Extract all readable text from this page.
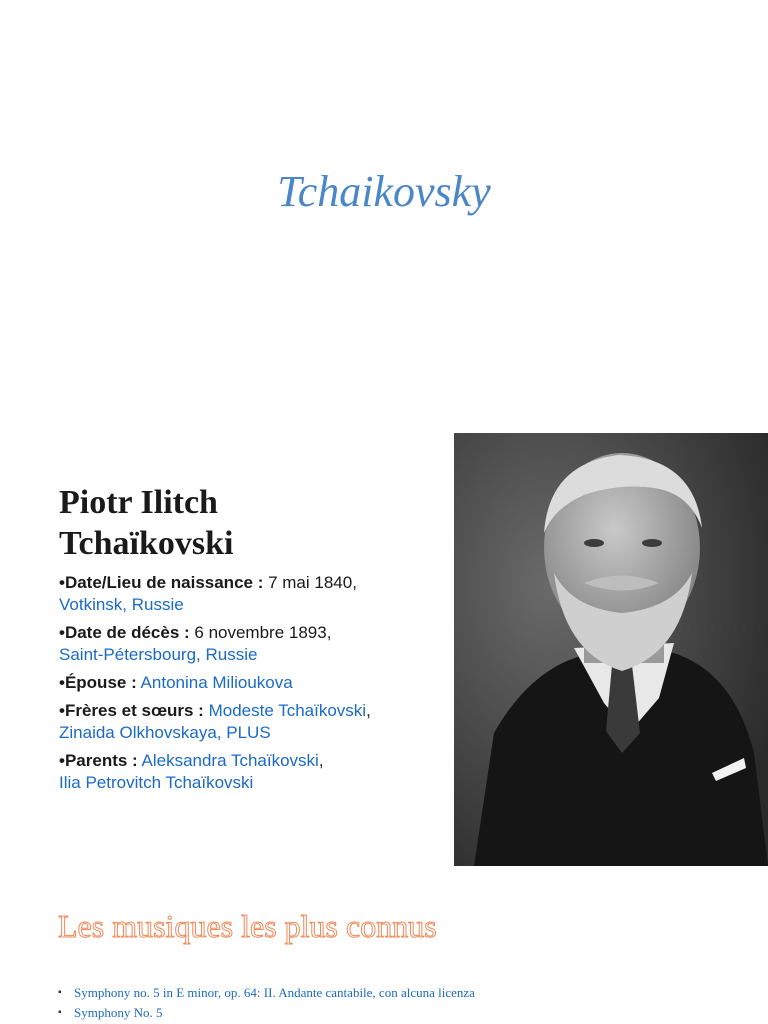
Tchaikovsky
Piotr Ilitch
Tchaïkovski

•Date/Lieu de naissance : 7 mai 1840,
Votkinsk, Russie

•Date de décès : 6 novembre 1893,
Saint-Pétersbourg, Russie

•Épouse : Antonina Milioukova

•Frères et sœurs : Modeste Tchaïkovski,
Zinaida Olkhovskaya, PLUS

•Parents : Aleksandra Tchaïkovski,
Ilia Petrovitch Tchaïkovski

Les musiques les plus connus
▪ Symphony no. 5 in E minor, op. 64: II. Andante cantabile, con alcuna licenza
▪ Symphony No. 5
